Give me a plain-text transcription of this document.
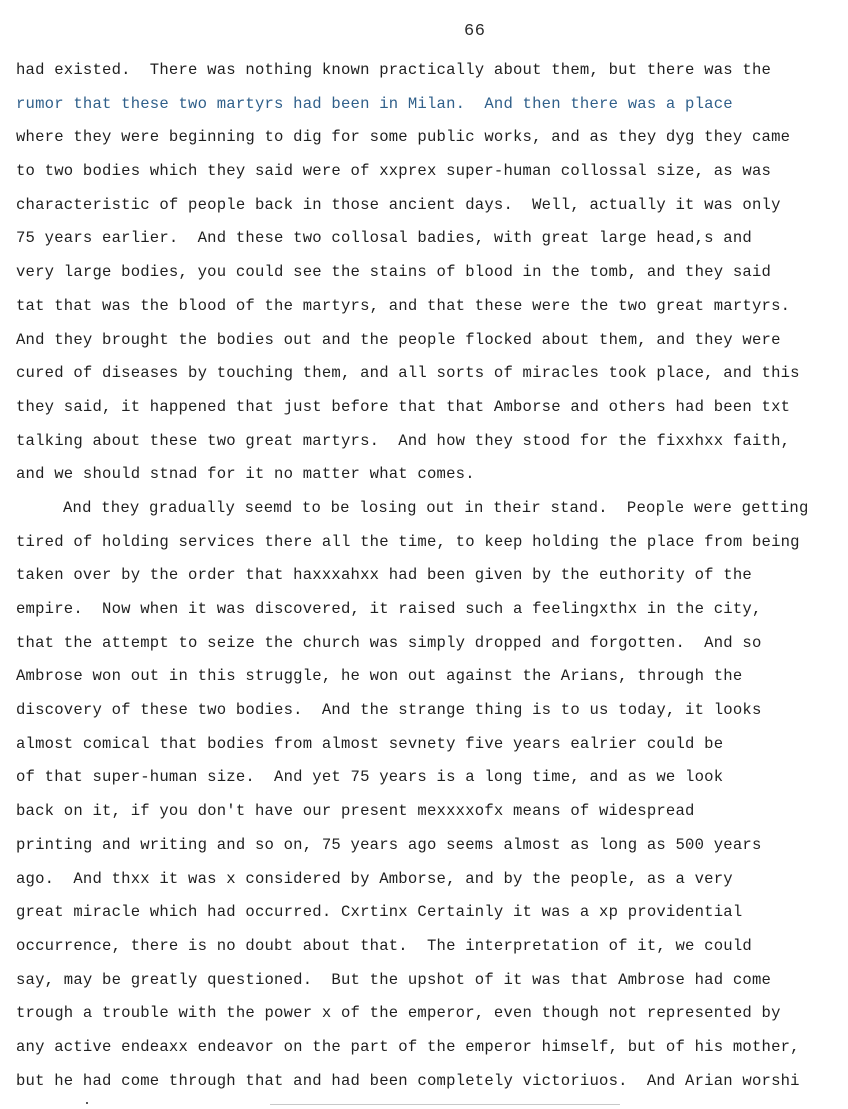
66
had existed.  There was nothing known practically about them, but there was the
rumor that these two martyrs had been in Milan.  And then there was a place
where they were beginning to dig for some public works, and as they dyg they came
to two bodies which they said were of xxprex super-human collossal size, as was
characteristic of people back in those ancient days.  Well, actually it was only
75 years earlier.  And these two collosal badies, with great large head,s and
very large bodies, you could see the stains of blood in the tomb, and they said
tat that was the blood of the martyrs, and that these were the two great martyrs.
And they brought the bodies out and the people flocked about them, and they were
cured of diseases by touching them, and all sorts of miracles took place, and this
they said, it happened that just before that that Amborse and others had been txt
talking about these two great martyrs.  And how they stood for the fixxhxx faith,
and we should stnad for it no matter what comes.
And they gradually seemd to be losing out in their stand.  People were getting
tired of holding services there all the time, to keep holding the place from being
taken over by the order that haxxxahxx had been given by the euthority of the
empire.  Now when it was discovered, it raised such a feelingxthx in the city,
that the attempt to seize the church was simply dropped and forgotten.  And so
Ambrose won out in this struggle, he won out against the Arians, through the
discovery of these two bodies.  And the strange thing is to us today, it looks
almost comical that bodies from almost sevnety five years ealrier could be
of that super-human size.  And yet 75 years is a long time, and as we look
back on it, if you don't have our present mexxxxofx means of widespread
printing and writing and so on, 75 years ago seems almost as long as 500 years
ago.  And thxx it was x considered by Amborse, and by the people, as a very
great miracle which had occurred. Cxrtinx Certainly it was a xp providential
occurrence, there is no doubt about that.  The interpretation of it, we could
say, may be greatly questioned.  But the upshot of it was that Ambrose had come
trough a trouble with the power x of the emperor, even though not represented by
any active endeaxx endeavor on the part of the emperor himself, but of his mother,
but he had come through that and had been completely victoriuos.  And Arian worshi
